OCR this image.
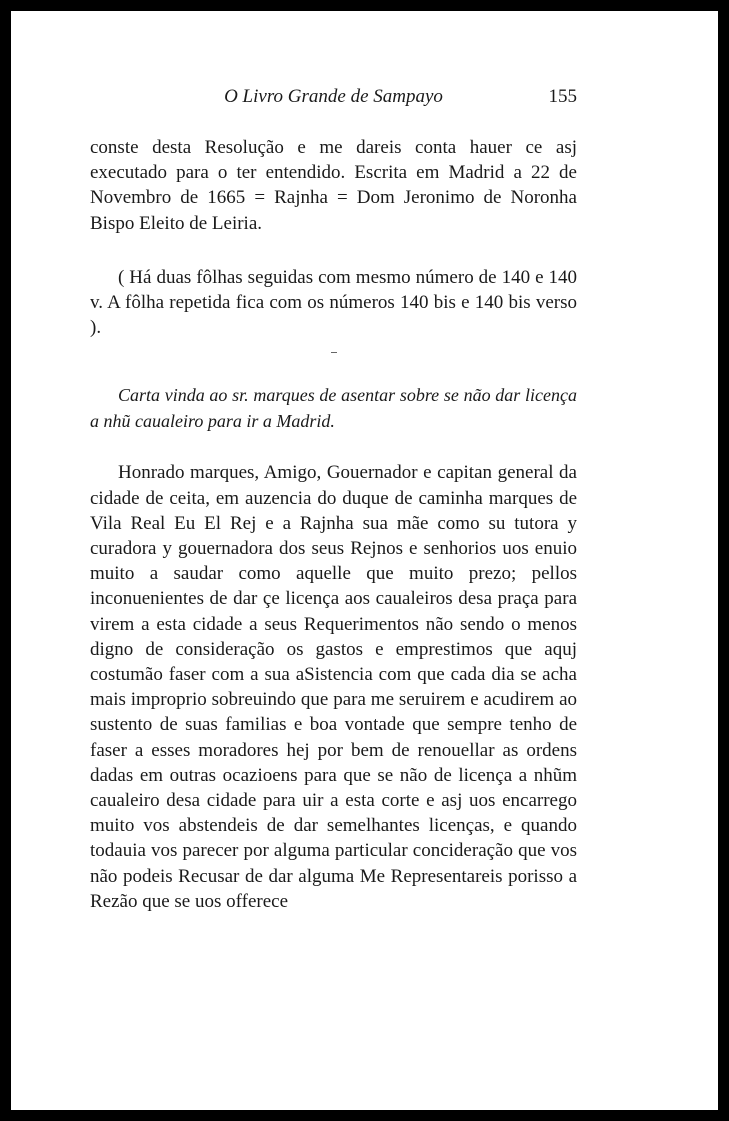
O Livro Grande de Sampayo	155

conste desta Resolução e me dareis conta hauer ce asj executado para o ter entendido. Escrita em Madrid a 22 de Novembro de 1665 = Rajnha = Dom Jeronimo de Noronha Bispo Eleito de Leiria.

( Há duas fôlhas seguidas com mesmo número de 140 e 140 v. A fôlha repetida fica com os números 140 bis e 140 bis verso ).

Carta vinda ao sr. marques de asentar sobre se não dar licença a nhũ caualeiro para ir a Madrid.

Honrado marques, Amigo, Gouernador e capitan general da cidade de ceita, em auzencia do duque de caminha marques de Vila Real Eu El Rej e a Rajnha sua mãe como su tutora y curadora y gouernadora dos seus Rejnos e senhorios uos enuio muito a saudar como aquelle que muito prezo; pellos inconuenientes de dar çe licença aos caualeiros desa praça para virem a esta cidade a seus Requerimentos não sendo o menos digno de consideração os gastos e emprestimos que aquj costumão faser com a sua aSistencia com que cada dia se acha mais improprio sobreuindo que para me seruirem e acudirem ao sustento de suas familias e boa vontade que sempre tenho de faser a esses moradores hej por bem de renouellar as ordens dadas em outras ocazioens para que se não de licença a nhũm caualeiro desa cidade para uir a esta corte e asj uos encarrego muito vos abstendeis de dar semelhantes licenças, e quando todauia vos parecer por alguma particular concideração que vos não podeis Recusar de dar alguma Me Representareis porisso a Rezão que se uos offerece
